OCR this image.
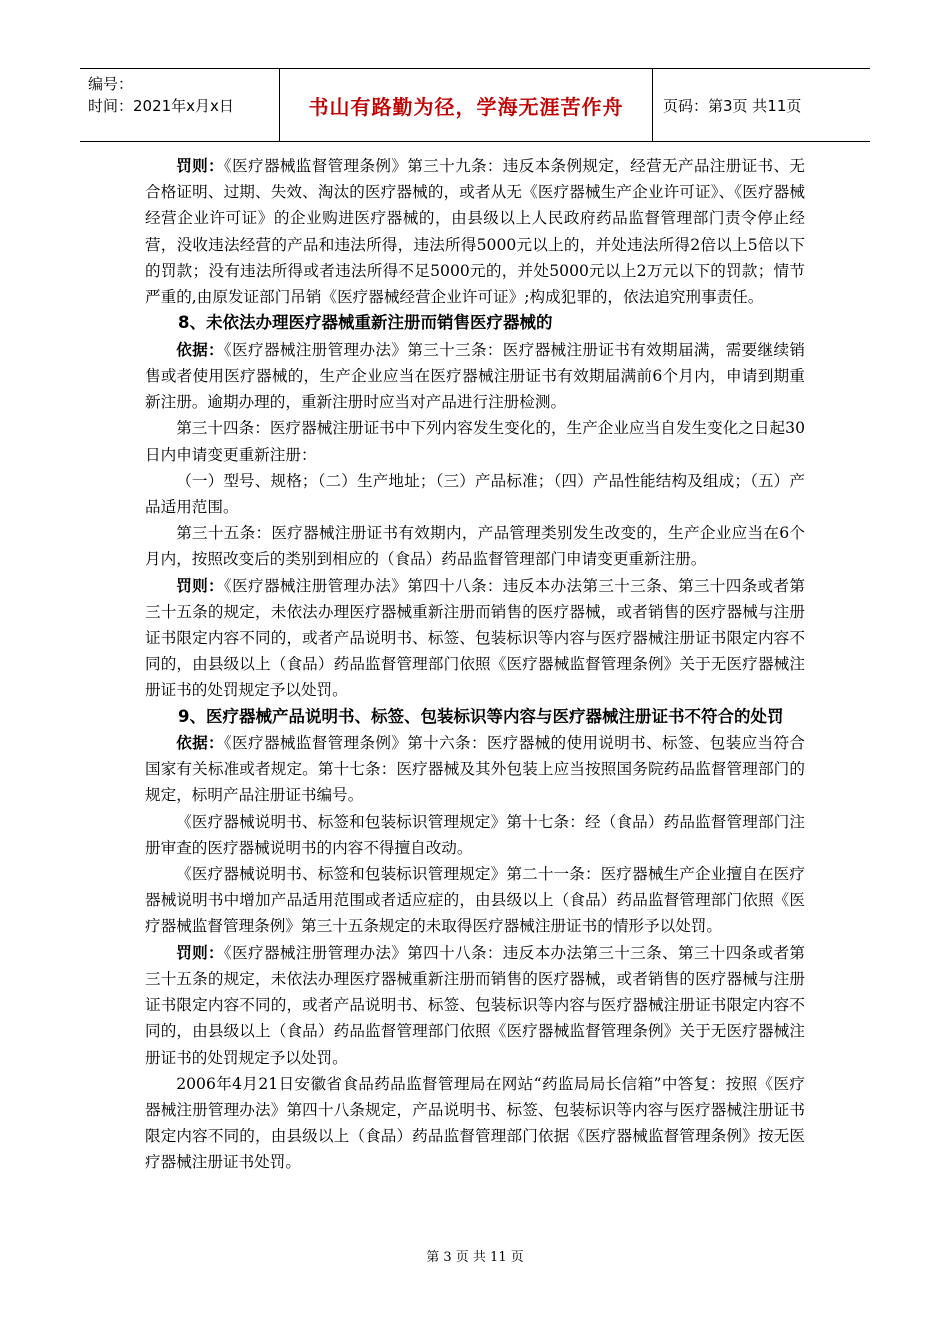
编号：
时间：2021年x月x日	书山有路勤为径，学海无涯苦作舟	页码：第3页 共11页

罚则：《医疗器械监督管理条例》第三十九条：违反本条例规定，经营无产品注册证书、无合格证明、过期、失效、淘汰的医疗器械的，或者从无《医疗器械生产企业许可证》、《医疗器械经营企业许可证》的企业购进医疗器械的，由县级以上人民政府药品监督管理部门责令停止经营，没收违法经营的产品和违法所得，违法所得5000元以上的，并处违法所得2倍以上5倍以下的罚款；没有违法所得或者违法所得不足5000元的，并处5000元以上2万元以下的罚款；情节严重的,由原发证部门吊销《医疗器械经营企业许可证》;构成犯罪的，依法追究刑事责任。

8、未依法办理医疗器械重新注册而销售医疗器械的

依据：《医疗器械注册管理办法》第三十三条：医疗器械注册证书有效期届满，需要继续销售或者使用医疗器械的，生产企业应当在医疗器械注册证书有效期届满前6个月内，申请到期重新注册。逾期办理的，重新注册时应当对产品进行注册检测。

第三十四条：医疗器械注册证书中下列内容发生变化的，生产企业应当自发生变化之日起30日内申请变更重新注册：

（一）型号、规格；（二）生产地址；（三）产品标准；（四）产品性能结构及组成；（五）产品适用范围。

第三十五条：医疗器械注册证书有效期内，产品管理类别发生改变的，生产企业应当在6个月内，按照改变后的类别到相应的（食品）药品监督管理部门申请变更重新注册。

罚则：《医疗器械注册管理办法》第四十八条：违反本办法第三十三条、第三十四条或者第三十五条的规定，未依法办理医疗器械重新注册而销售的医疗器械，或者销售的医疗器械与注册证书限定内容不同的，或者产品说明书、标签、包装标识等内容与医疗器械注册证书限定内容不同的，由县级以上（食品）药品监督管理部门依照《医疗器械监督管理条例》关于无医疗器械注册证书的处罚规定予以处罚。

9、医疗器械产品说明书、标签、包装标识等内容与医疗器械注册证书不符合的处罚

依据：《医疗器械监督管理条例》第十六条：医疗器械的使用说明书、标签、包装应当符合国家有关标准或者规定。第十七条：医疗器械及其外包装上应当按照国务院药品监督管理部门的规定，标明产品注册证书编号。

《医疗器械说明书、标签和包装标识管理规定》第十七条：经（食品）药品监督管理部门注册审查的医疗器械说明书的内容不得擅自改动。

《医疗器械说明书、标签和包装标识管理规定》第二十一条：医疗器械生产企业擅自在医疗器械说明书中增加产品适用范围或者适应症的，由县级以上（食品）药品监督管理部门依照《医疗器械监督管理条例》第三十五条规定的未取得医疗器械注册证书的情形予以处罚。

罚则：《医疗器械注册管理办法》第四十八条：违反本办法第三十三条、第三十四条或者第三十五条的规定，未依法办理医疗器械重新注册而销售的医疗器械，或者销售的医疗器械与注册证书限定内容不同的，或者产品说明书、标签、包装标识等内容与医疗器械注册证书限定内容不同的，由县级以上（食品）药品监督管理部门依照《医疗器械监督管理条例》关于无医疗器械注册证书的处罚规定予以处罚。

2006年4月21日安徽省食品药品监督管理局在网站“药监局局长信箱”中答复：按照《医疗器械注册管理办法》第四十八条规定，产品说明书、标签、包装标识等内容与医疗器械注册证书限定内容不同的，由县级以上（食品）药品监督管理部门依据《医疗器械监督管理条例》按无医疗器械注册证书处罚。

第 3 页 共 11 页
